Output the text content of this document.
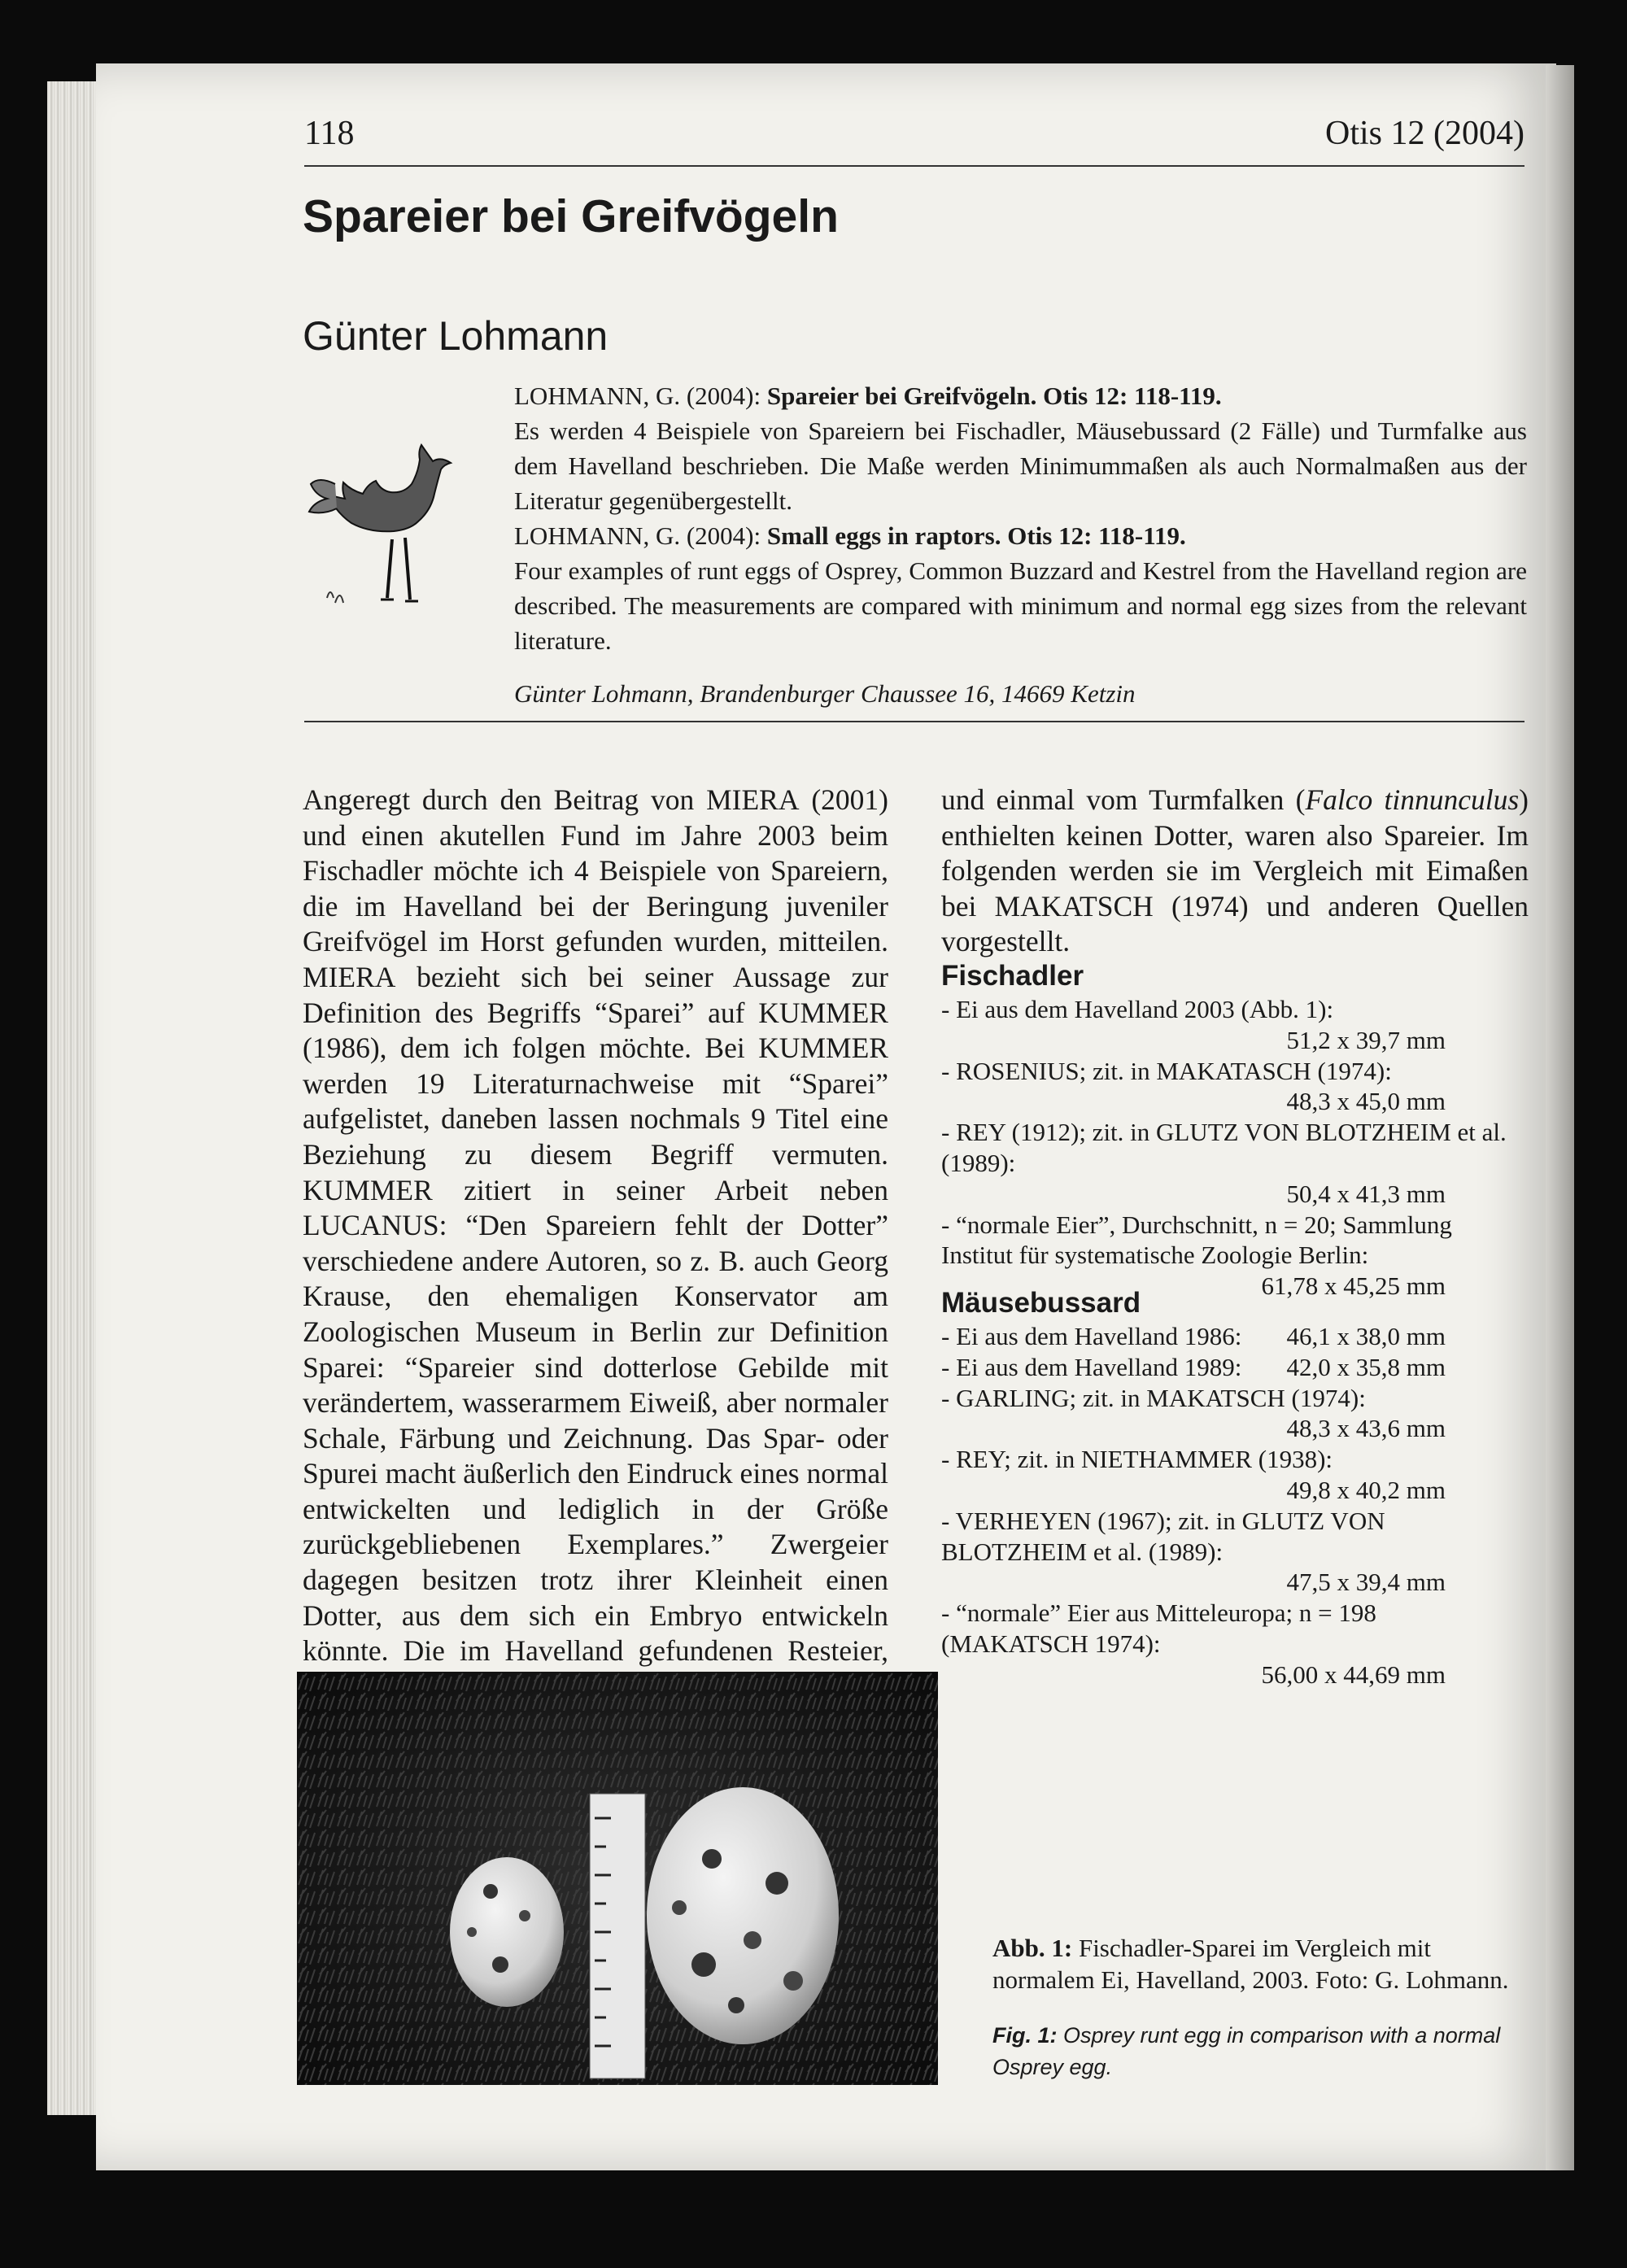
118	Otis 12 (2004)
Spareier bei Greifvögeln
Günter Lohmann

LOHMANN, G. (2004): Spareier bei Greifvögeln. Otis 12: 118-119.
Es werden 4 Beispiele von Spareiern bei Fischadler, Mäusebussard (2 Fälle) und Turmfalke aus dem Havelland beschrieben. Die Maße werden Minimummaßen als auch Normalmaßen aus der Literatur gegenübergestellt.

LOHMANN, G. (2004): Small eggs in raptors. Otis 12: 118-119.
Four examples of runt eggs of Osprey, Common Buzzard and Kestrel from the Havelland region are described. The measurements are compared with minimum and normal egg sizes from the relevant literature.

Günter Lohmann, Brandenburger Chaussee 16, 14669 Ketzin

Angeregt durch den Beitrag von MIERA (2001) und einen akutellen Fund im Jahre 2003 beim Fischadler möchte ich 4 Beispiele von Spareiern, die im Havelland bei der Beringung juveniler Greifvögel im Horst gefunden wurden, mitteilen. MIERA bezieht sich bei seiner Aussage zur Definition des Begriffs “Sparei” auf KUMMER (1986), dem ich folgen möchte. Bei KUMMER werden 19 Literaturnachweise mit “Sparei” aufgelistet, daneben lassen nochmals 9 Titel eine Beziehung zu diesem Begriff vermuten. KUMMER zitiert in seiner Arbeit neben LUCANUS: “Den Spareiern fehlt der Dotter” verschiedene andere Autoren, so z. B. auch Georg Krause, den ehemaligen Konservator am Zoologischen Museum in Berlin zur Definition Sparei: “Spareier sind dotterlose Gebilde mit verändertem, wasserarmem Eiweiß, aber normaler Schale, Färbung und Zeichnung. Das Spar- oder Spurei macht äußerlich den Eindruck eines normal entwickelten und lediglich in der Größe zurückgebliebenen Exemplares.” Zwergeier dagegen besitzen trotz ihrer Kleinheit einen Dotter, aus dem sich ein Embryo entwickeln könnte. Die im Havelland gefundenen Resteier,

und einmal vom Turmfalken (Falco tinnunculus) enthielten keinen Dotter, waren also Spareier. Im folgenden werden sie im Vergleich mit Eimaßen bei MAKATSCH (1974) und anderen Quellen vorgestellt.

Fischadler
- Ei aus dem Havelland 2003 (Abb. 1):
51,2 x 39,7 mm
- ROSENIUS; zit. in MAKATASCH (1974):
48,3 x 45,0 mm
- REY (1912); zit. in GLUTZ VON BLOTZHEIM et al. (1989):
50,4 x 41,3 mm
- “normale Eier”, Durchschnitt, n = 20; Sammlung Institut für systematische Zoologie Berlin:
61,78 x 45,25 mm
Mäusebussard
- Ei aus dem Havelland 1986: 46,1 x 38,0 mm
- Ei aus dem Havelland 1989: 42,0 x 35,8 mm
- GARLING; zit. in MAKATSCH (1974):
48,3 x 43,6 mm
- REY; zit. in NIETHAMMER (1938):
49,8 x 40,2 mm
- VERHEYEN (1967); zit. in GLUTZ VON BLOTZHEIM et al. (1989):
47,5 x 39,4 mm
- “normale” Eier aus Mitteleuropa; n = 198 (MAKATSCH 1974):
56,00 x 44,69 mm

Abb. 1: Fischadler-Sparei im Vergleich mit normalem Ei, Havelland, 2003. Foto: G. Lohmann.

Fig. 1: Osprey runt egg in comparison with a normal Osprey egg.
